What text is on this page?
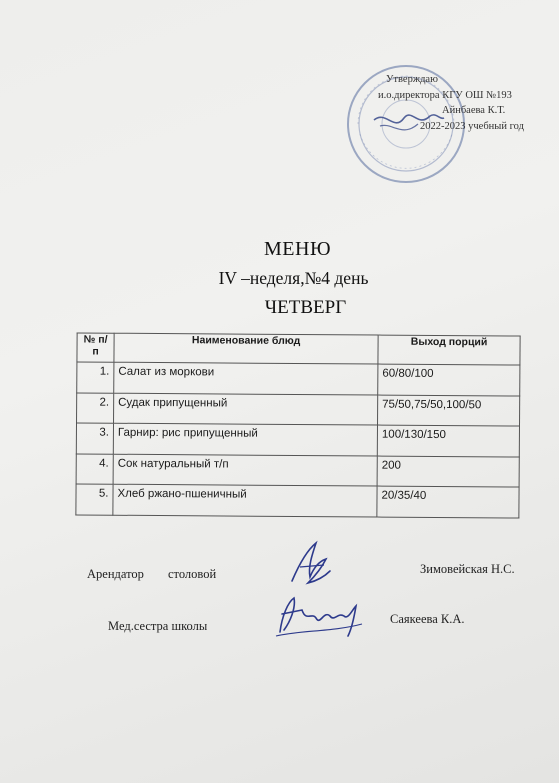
Утверждаю
и.о.директора КГУ ОШ №193
Айнбаева К.Т.
2022-2023 учебный год
МЕНЮ
IV –неделя,№4 день
ЧЕТВЕРГ
№ п/п	Наименование блюд	Выход порций
1.	Салат из моркови	60/80/100
2.	Судак припущенный	75/50,75/50,100/50
3.	Гарнир: рис припущенный	100/130/150
4.	Сок натуральный т/п	200
5.	Хлеб ржано-пшеничный	20/35/40
Арендатор столовой	Зимовейская Н.С.
Мед.сестра школы	Саякеева К.А.
